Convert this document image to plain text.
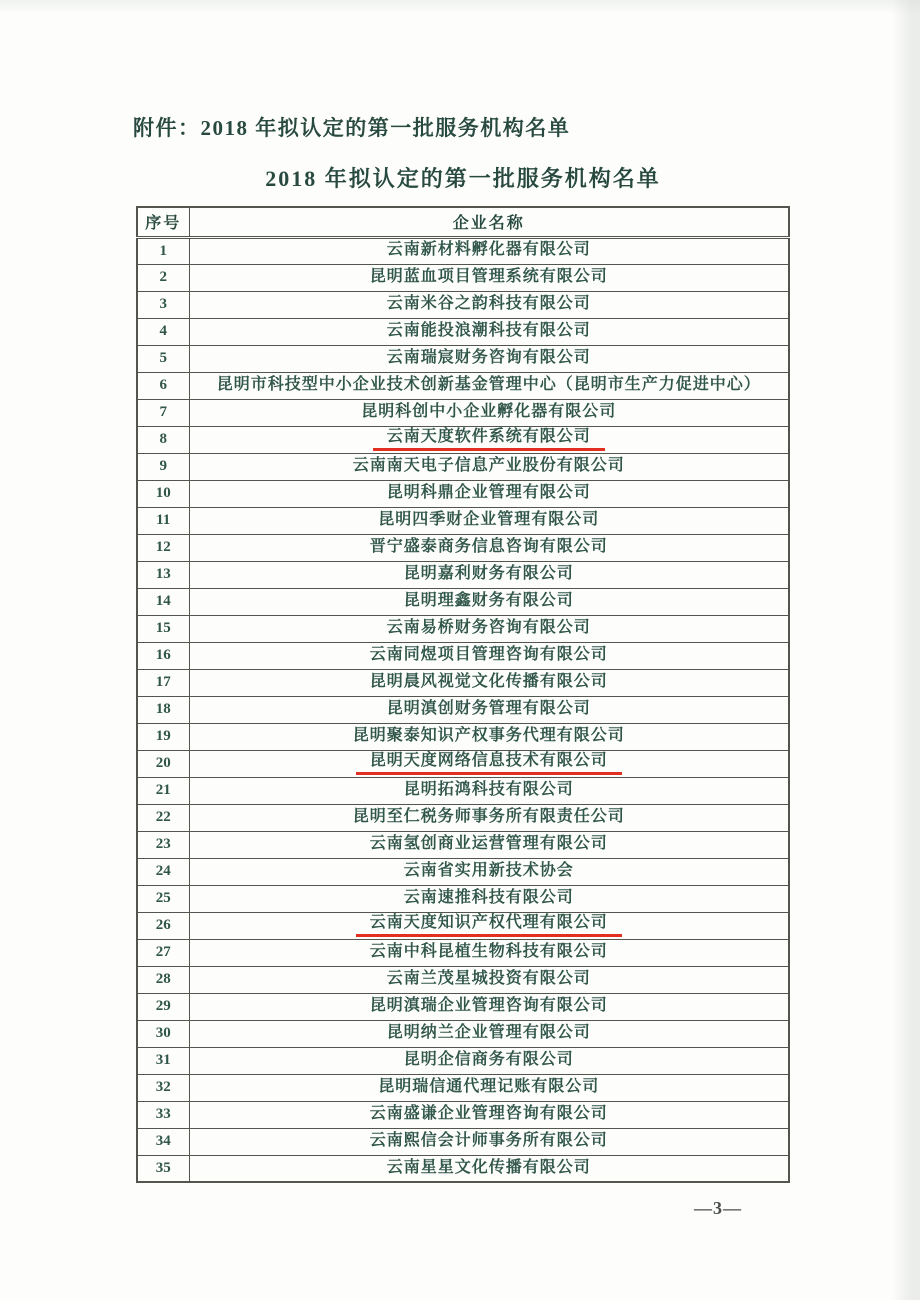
附件：2018 年拟认定的第一批服务机构名单
2018 年拟认定的第一批服务机构名单
序号	企业名称
1	云南新材料孵化器有限公司
2	昆明蓝血项目管理系统有限公司
3	云南米谷之韵科技有限公司
4	云南能投浪潮科技有限公司
5	云南瑞宸财务咨询有限公司
6	昆明市科技型中小企业技术创新基金管理中心（昆明市生产力促进中心）
7	昆明科创中小企业孵化器有限公司
8	云南天度软件系统有限公司
9	云南南天电子信息产业股份有限公司
10	昆明科鼎企业管理有限公司
11	昆明四季财企业管理有限公司
12	晋宁盛泰商务信息咨询有限公司
13	昆明嘉利财务有限公司
14	昆明理鑫财务有限公司
15	云南易桥财务咨询有限公司
16	云南同煜项目管理咨询有限公司
17	昆明晨风视觉文化传播有限公司
18	昆明滇创财务管理有限公司
19	昆明聚泰知识产权事务代理有限公司
20	昆明天度网络信息技术有限公司
21	昆明拓鸿科技有限公司
22	昆明至仁税务师事务所有限责任公司
23	云南氢创商业运营管理有限公司
24	云南省实用新技术协会
25	云南速推科技有限公司
26	云南天度知识产权代理有限公司
27	云南中科昆植生物科技有限公司
28	云南兰茂星城投资有限公司
29	昆明滇瑞企业管理咨询有限公司
30	昆明纳兰企业管理有限公司
31	昆明企信商务有限公司
32	昆明瑞信通代理记账有限公司
33	云南盛谦企业管理咨询有限公司
34	云南熙信会计师事务所有限公司
35	云南星星文化传播有限公司
—3—
